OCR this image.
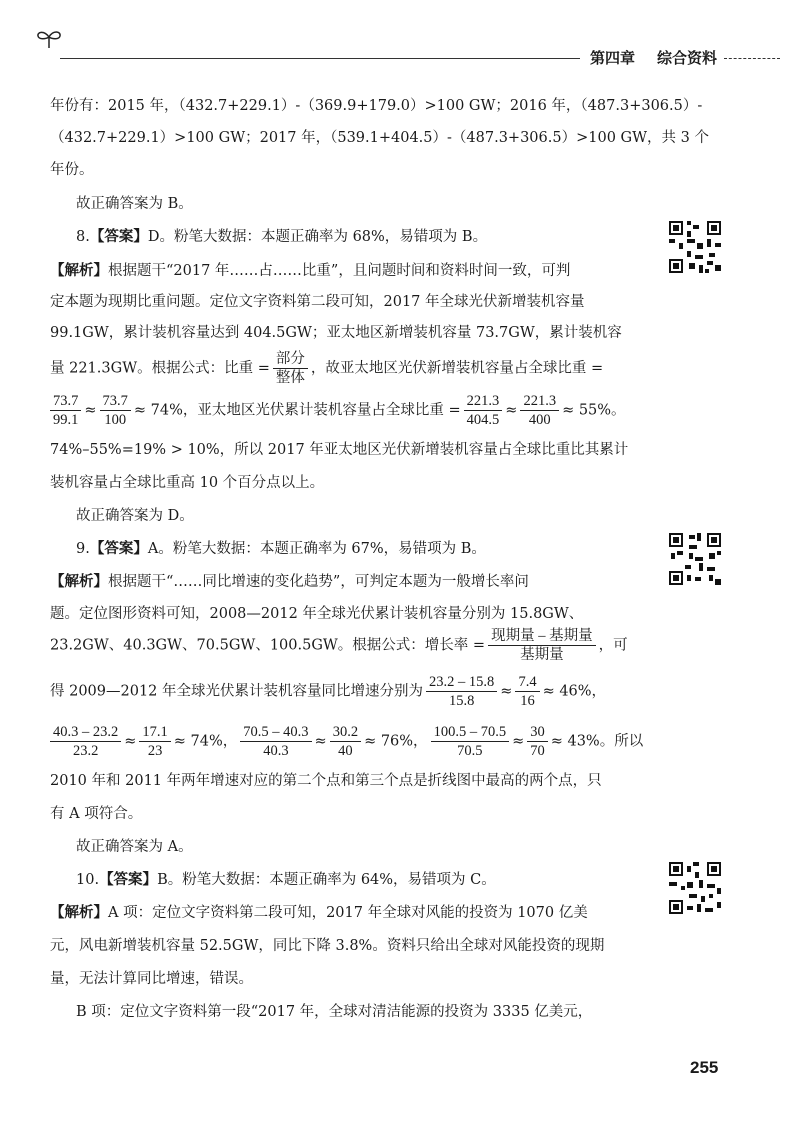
第四章 综合资料
年份有：2015 年，（432.7+229.1）-（369.9+179.0）>100 GW；2016 年，（487.3+306.5）-
（432.7+229.1）>100 GW；2017 年，（539.1+404.5）-（487.3+306.5）>100 GW，共 3 个
年份。
故正确答案为 B。
8.【答案】D。粉笔大数据：本题正确率为 68%，易错项为 B。
【解析】根据题干“2017 年……占……比重”，且问题时间和资料时间一致，可判
定本题为现期比重问题。定位文字资料第二段可知，2017 年全球光伏新增装机容量
99.1GW，累计装机容量达到 404.5GW；亚太地区新增装机容量 73.7GW，累计装机容
量 221.3GW。根据公式：比重 = $\frac{\text{部分}}{\text{整体}}$ ，故亚太地区光伏新增装机容量占全球比重 =
$\frac{73.7}{99.1} \approx \frac{73.7}{100} \approx 74\%$，亚太地区光伏累计装机容量占全球比重 = $\frac{221.3}{404.5} \approx \frac{221.3}{400} \approx 55\%$。
74%–55%=19% > 10%，所以 2017 年亚太地区光伏新增装机容量占全球比重比其累计
装机容量占全球比重高 10 个百分点以上。
故正确答案为 D。
9.【答案】A。粉笔大数据：本题正确率为 67%，易错项为 B。
【解析】根据题干“……同比增速的变化趋势”，可判定本题为一般增长率问
题。定位图形资料可知，2008—2012 年全球光伏累计装机容量分别为 15.8GW、
23.2GW、40.3GW、70.5GW、100.5GW。根据公式：增长率 = $\frac{\text{现期量 – 基期量}}{\text{基期量}}$ ，可
得 2009—2012 年全球光伏累计装机容量同比增速分别为 $\frac{23.2 - 15.8}{15.8} \approx \frac{7.4}{16} \approx 46\%$，
$\frac{40.3 - 23.2}{23.2} \approx \frac{17.1}{23} \approx 74\%$， $\frac{70.5 - 40.3}{40.3} \approx \frac{30.2}{40} \approx 76\%$， $\frac{100.5 - 70.5}{70.5} \approx \frac{30}{70} \approx 43\%$。所以
2010 年和 2011 年两年增速对应的第二个点和第三个点是折线图中最高的两个点，只
有 A 项符合。
故正确答案为 A。
10.【答案】B。粉笔大数据：本题正确率为 64%，易错项为 C。
【解析】A 项：定位文字资料第二段可知，2017 年全球对风能的投资为 1070 亿美
元，风电新增装机容量 52.5GW，同比下降 3.8%。资料只给出全球对风能投资的现期
量，无法计算同比增速，错误。
B 项：定位文字资料第一段“2017 年，全球对清洁能源的投资为 3335 亿美元，
255
